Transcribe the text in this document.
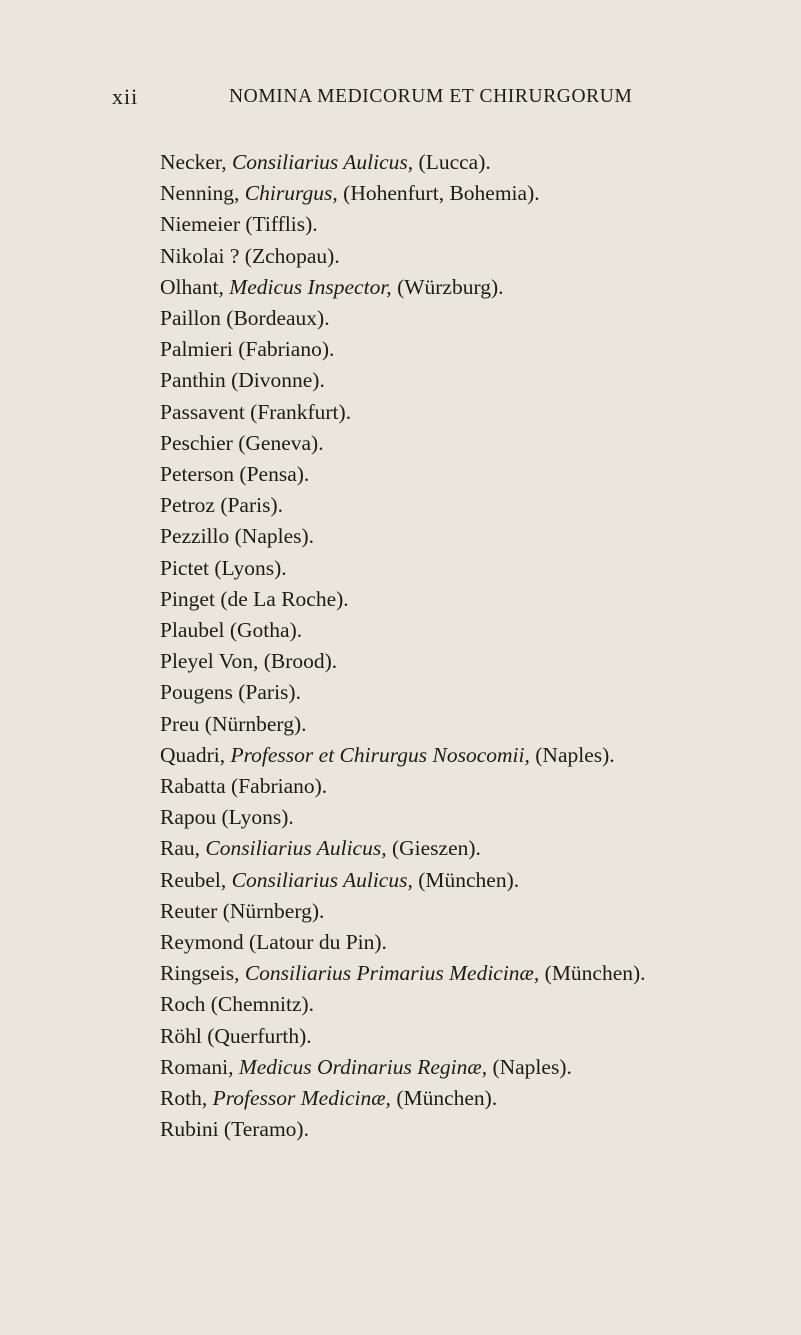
xii	NOMINA MEDICORUM ET CHIRURGORUM
Necker, Consiliarius Aulicus, (Lucca).
Nenning, Chirurgus, (Hohenfurt, Bohemia).
Niemeier (Tifflis).
Nikolai ? (Zchopau).
Olhant, Medicus Inspector, (Würzburg).
Paillon (Bordeaux).
Palmieri (Fabriano).
Panthin (Divonne).
Passavent (Frankfurt).
Peschier (Geneva).
Peterson (Pensa).
Petroz (Paris).
Pezzillo (Naples).
Pictet (Lyons).
Pinget (de La Roche).
Plaubel (Gotha).
Pleyel Von, (Brood).
Pougens (Paris).
Preu (Nürnberg).
Quadri, Professor et Chirurgus Nosocomii, (Naples).
Rabatta (Fabriano).
Rapou (Lyons).
Rau, Consiliarius Aulicus, (Gieszen).
Reubel, Consiliarius Aulicus, (München).
Reuter (Nürnberg).
Reymond (Latour du Pin).
Ringseis, Consiliarius Primarius Medicinæ, (München).
Roch (Chemnitz).
Röhl (Querfurth).
Romani, Medicus Ordinarius Reginæ, (Naples).
Roth, Professor Medicinæ, (München).
Rubini (Teramo).
